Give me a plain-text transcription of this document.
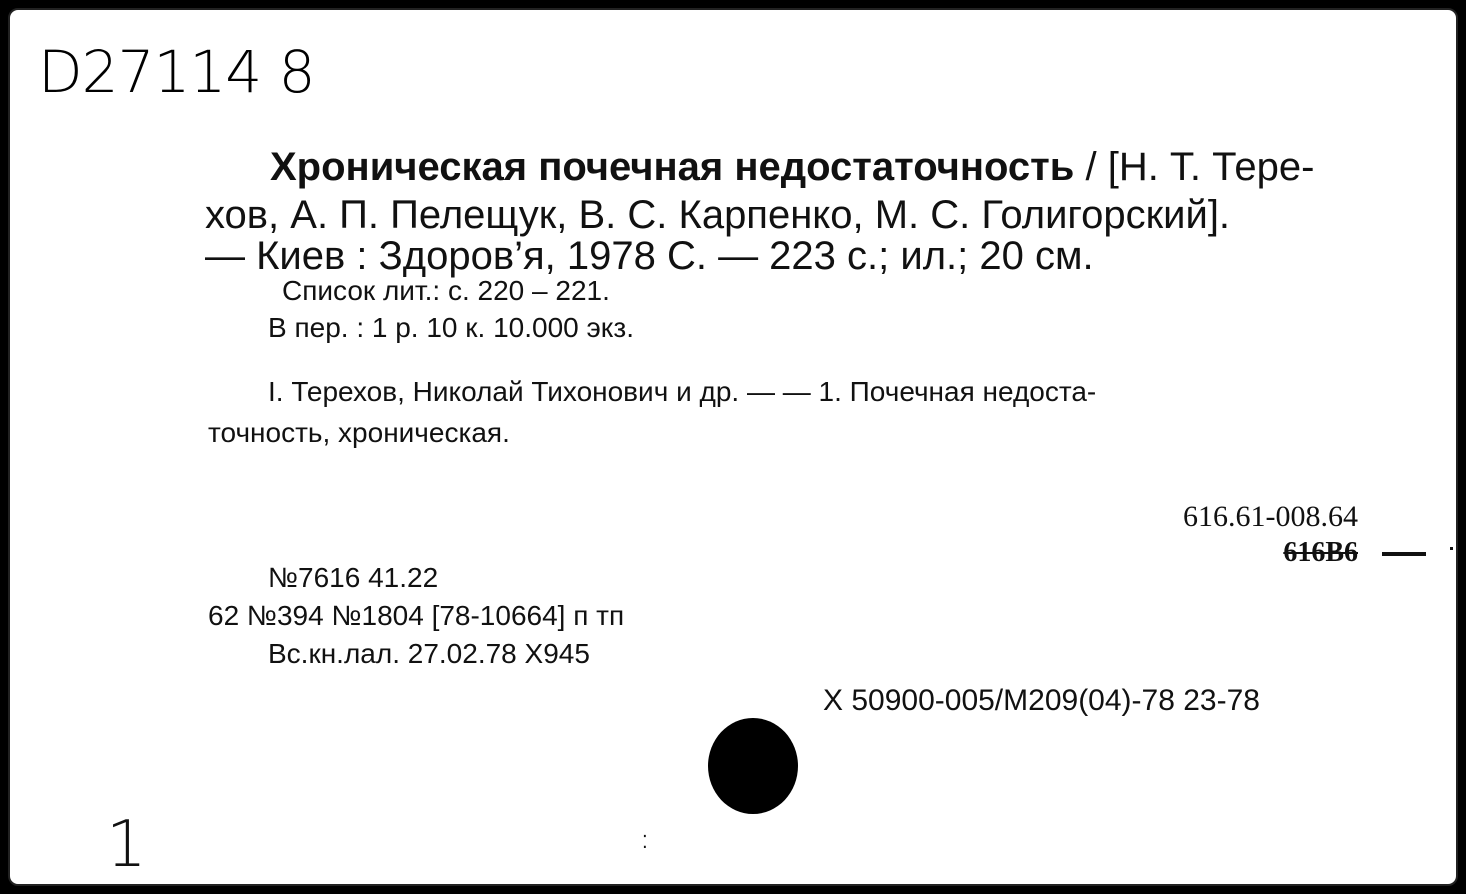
D27114 8
Хроническая почечная недостаточность / [Н. Т. Тере-
хов, А. П. Пелещук, В. С. Карпенко, М. С. Голигорский].
— Киев : Здоров’я, 1978 С. — 223 с.; ил.; 20 см.
Список лит.: с. 220 – 221.
В пер. : 1 р. 10 к. 10.000 экз.
I. Терехов, Николай Тихонович и др. — — 1. Почечная недоста-
точность, хроническая.
616.61-008.64
616В6
№7616 41.22
62 №394 №1804 [78-10664] п тп
Вс.кн.лал. 27.02.78 Х945
Х 50900-005/М209(04)-78 23-78
1	⁚
